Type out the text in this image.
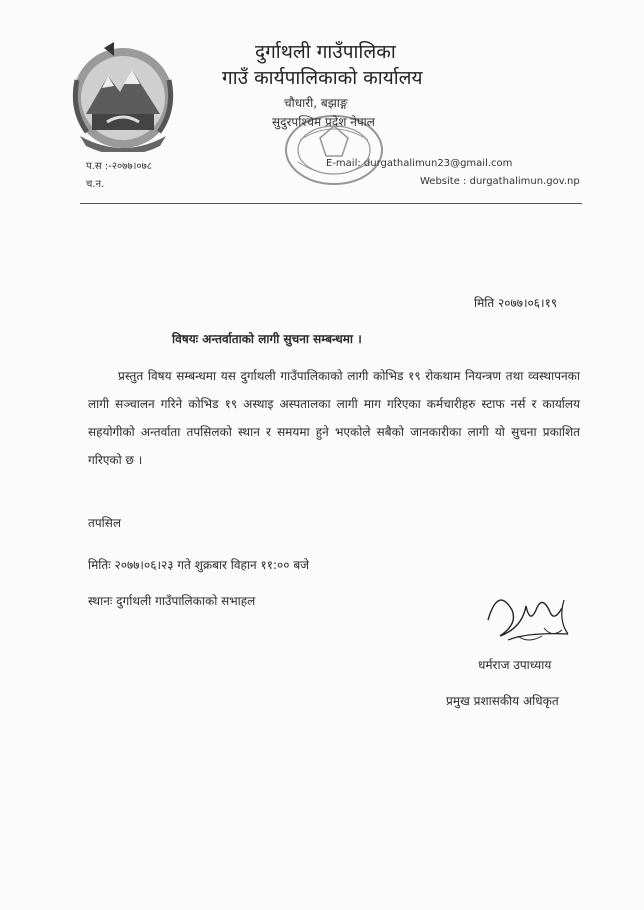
दुर्गाथली गाउँपालिका
गाउँ कार्यपालिकाको कार्यालय
चौधारी, बझाङ्ग
सुदुरपश्चिम प्रदेश नेपाल
प.स :-२०७७।०७८
च.न.
E-mail: durgathalimun23@gmail.com
Website : durgathalimun.gov.np
मिति २०७७।०६।१९
विषयः अन्तर्वाताको लागी सुचना सम्बन्धमा ।
प्रस्तुत विषय सम्बन्धमा यस दुर्गाथली गाउँपालिकाको लागी कोभिड १९ रोकथाम नियन्त्रण तथा व्वस्थापनका लागी सञ्चालन गरिने कोभिड १९ अस्थाइ अस्पतालका लागी माग गरिएका कर्मचारीहरु स्टाफ नर्स र कार्यालय सहयोगीको अन्तर्वाता तपसिलको स्थान र समयमा हुने भएकोले सबैको जानकारीका लागी यो सुचना प्रकाशित गरिएको छ ।
तपसिल
मितिः २०७७।०६।२३ गते शुक्रबार विहान ११:०० बजे
स्थानः दुर्गाथली गाउँपालिकाको सभाहल
धर्मराज उपाध्याय
प्रमुख प्रशासकीय अधिकृत
